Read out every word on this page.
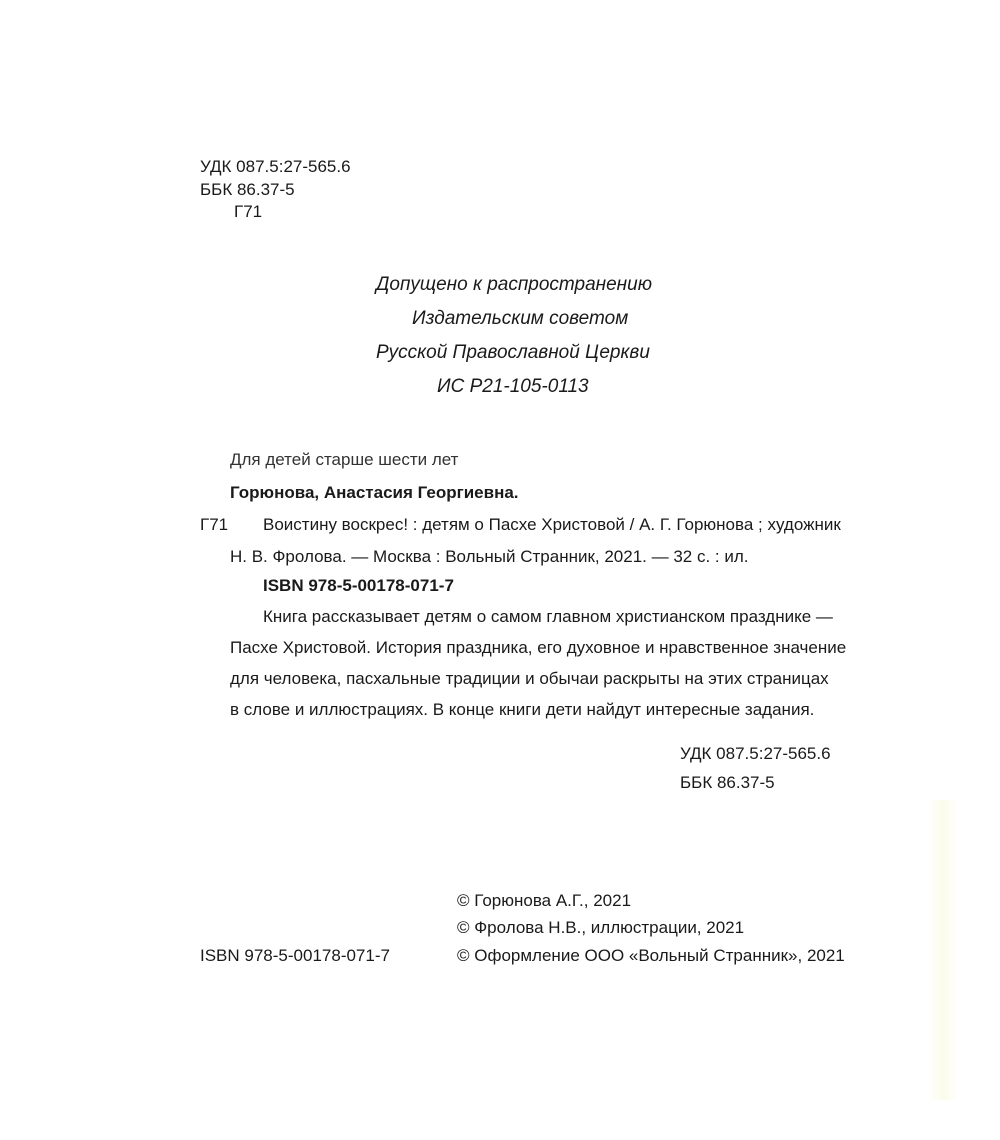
УДК 087.5:27-565.6
ББК 86.37-5
Г71
Допущено к распространению
Издательским советом
Русской Православной Церкви
ИС Р21-105-0113
Для детей старше шести лет
Горюнова, Анастасия Георгиевна.
Г71 Воистину воскрес! : детям о Пасхе Христовой / А. Г. Горюнова ; художник
Н. В. Фролова. — Москва : Вольный Странник, 2021. — 32 с. : ил.
ISBN 978-5-00178-071-7
Книга рассказывает детям о самом главном христианском празднике —
Пасхе Христовой. История праздника, его духовное и нравственное значение
для человека, пасхальные традиции и обычаи раскрыты на этих страницах
в слове и иллюстрациях. В конце книги дети найдут интересные задания.
УДК 087.5:27-565.6
ББК 86.37-5
ISBN 978-5-00178-071-7
© Горюнова А.Г., 2021
© Фролова Н.В., иллюстрации, 2021
© Оформление ООО «Вольный Странник», 2021
